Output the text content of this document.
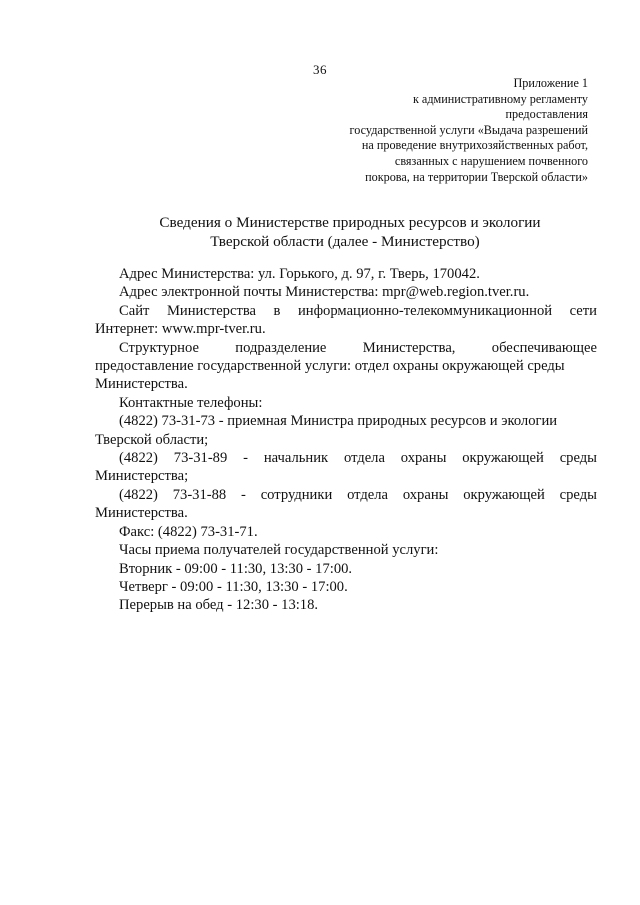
36
Приложение 1
к административному регламенту
предоставления
государственной услуги «Выдача разрешений
на проведение внутрихозяйственных работ,
связанных с нарушением почвенного
покрова, на территории Тверской области»
Сведения о Министерстве природных ресурсов и экологии
Тверской области (далее - Министерство)

Адрес Министерства: ул. Горького, д. 97, г. Тверь, 170042.

Адрес электронной почты Министерства: mpr@web.region.tver.ru.

Сайт Министерства в информационно-телекоммуникационной сети

Интернет: www.mpr-tver.ru.

Структурное подразделение Министерства, обеспечивающее

предоставление государственной услуги: отдел охраны окружающей среды

Министерства.

Контактные телефоны:

(4822) 73-31-73 - приемная Министра природных ресурсов и экологии

Тверской области;

(4822) 73-31-89 - начальник отдела охраны окружающей среды

Министерства;

(4822) 73-31-88 - сотрудники отдела охраны окружающей среды

Министерства.

Факс: (4822) 73-31-71.

Часы приема получателей государственной услуги:

Вторник - 09:00 - 11:30, 13:30 - 17:00.

Четверг - 09:00 - 11:30, 13:30 - 17:00.

Перерыв на обед - 12:30 - 13:18.
